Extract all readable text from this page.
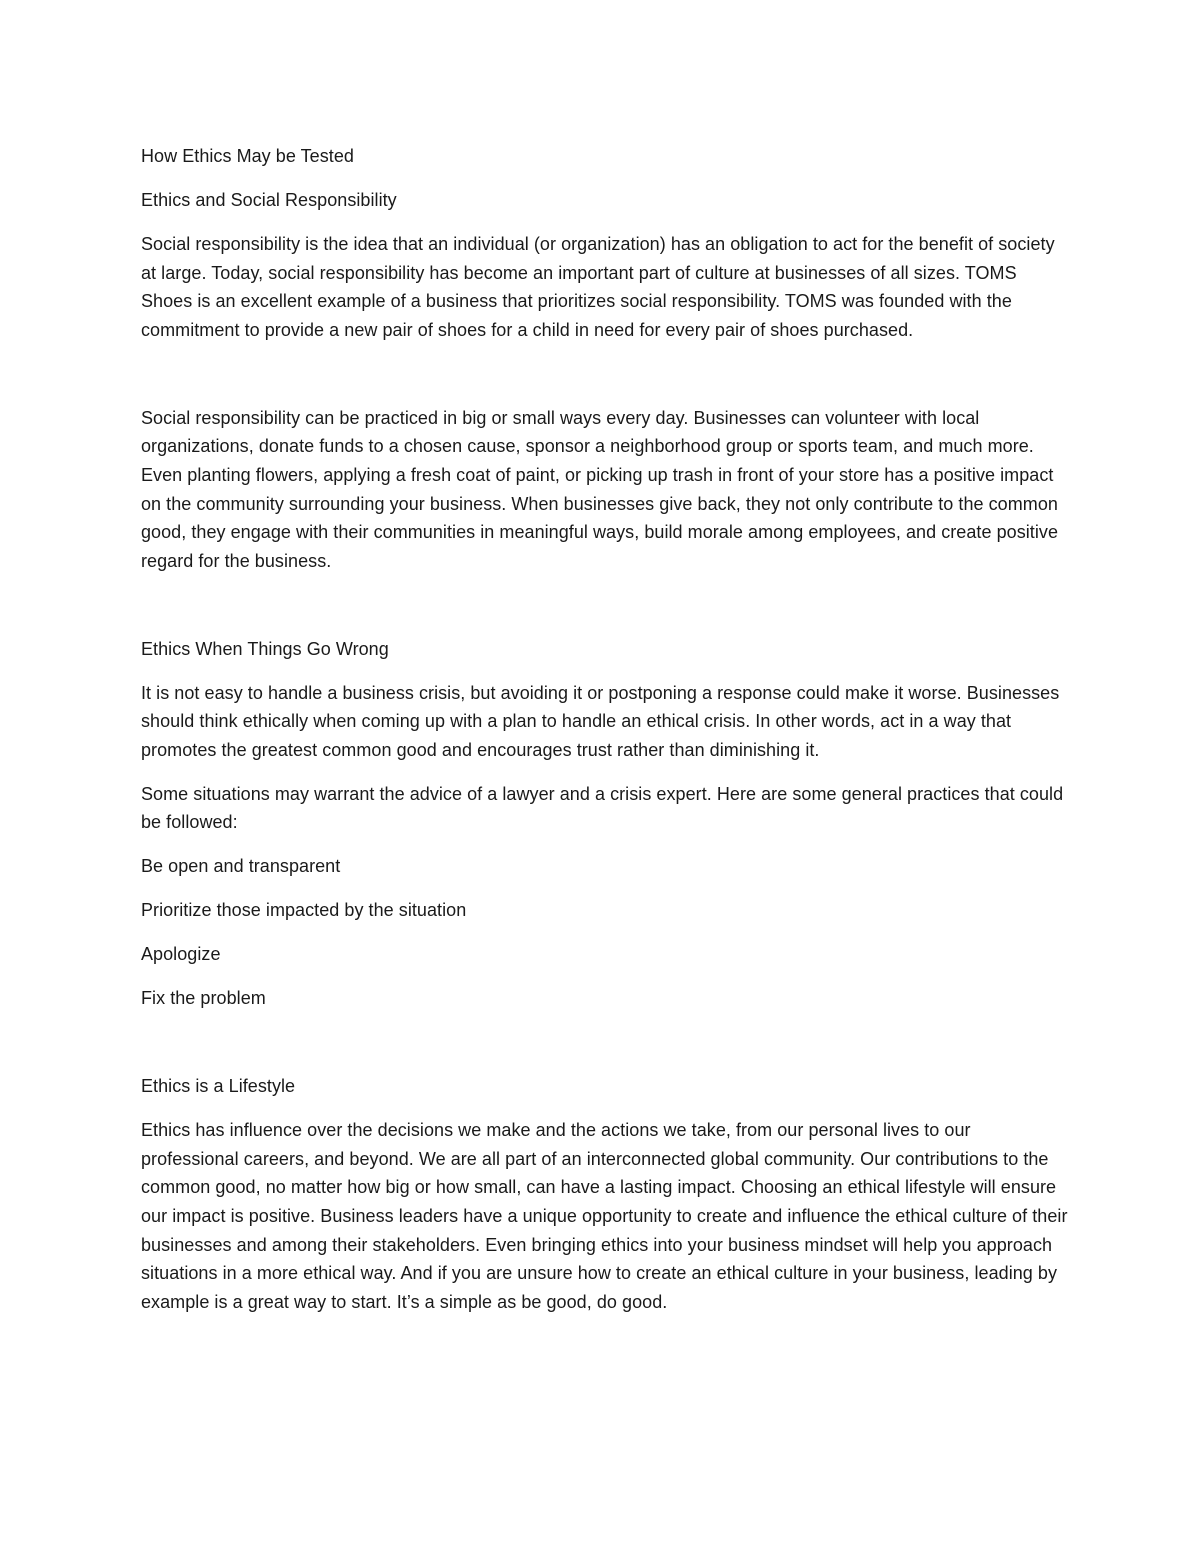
How Ethics May be Tested

Ethics and Social Responsibility

Social responsibility is the idea that an individual (or organization) has an obligation to act for the benefit of society at large. Today, social responsibility has become an important part of culture at businesses of all sizes. TOMS Shoes is an excellent example of a business that prioritizes social responsibility. TOMS was founded with the commitment to provide a new pair of shoes for a child in need for every pair of shoes purchased.

Social responsibility can be practiced in big or small ways every day. Businesses can volunteer with local organizations, donate funds to a chosen cause, sponsor a neighborhood group or sports team, and much more. Even planting flowers, applying a fresh coat of paint, or picking up trash in front of your store has a positive impact on the community surrounding your business. When businesses give back, they not only contribute to the common good, they engage with their communities in meaningful ways, build morale among employees, and create positive regard for the business.

Ethics When Things Go Wrong

It is not easy to handle a business crisis, but avoiding it or postponing a response could make it worse. Businesses should think ethically when coming up with a plan to handle an ethical crisis. In other words, act in a way that promotes the greatest common good and encourages trust rather than diminishing it.

Some situations may warrant the advice of a lawyer and a crisis expert. Here are some general practices that could be followed:

Be open and transparent

Prioritize those impacted by the situation

Apologize

Fix the problem

Ethics is a Lifestyle

Ethics has influence over the decisions we make and the actions we take, from our personal lives to our professional careers, and beyond. We are all part of an interconnected global community. Our contributions to the common good, no matter how big or how small, can have a lasting impact. Choosing an ethical lifestyle will ensure our impact is positive. Business leaders have a unique opportunity to create and influence the ethical culture of their businesses and among their stakeholders. Even bringing ethics into your business mindset will help you approach situations in a more ethical way. And if you are unsure how to create an ethical culture in your business, leading by example is a great way to start. It’s a simple as be good, do good.
